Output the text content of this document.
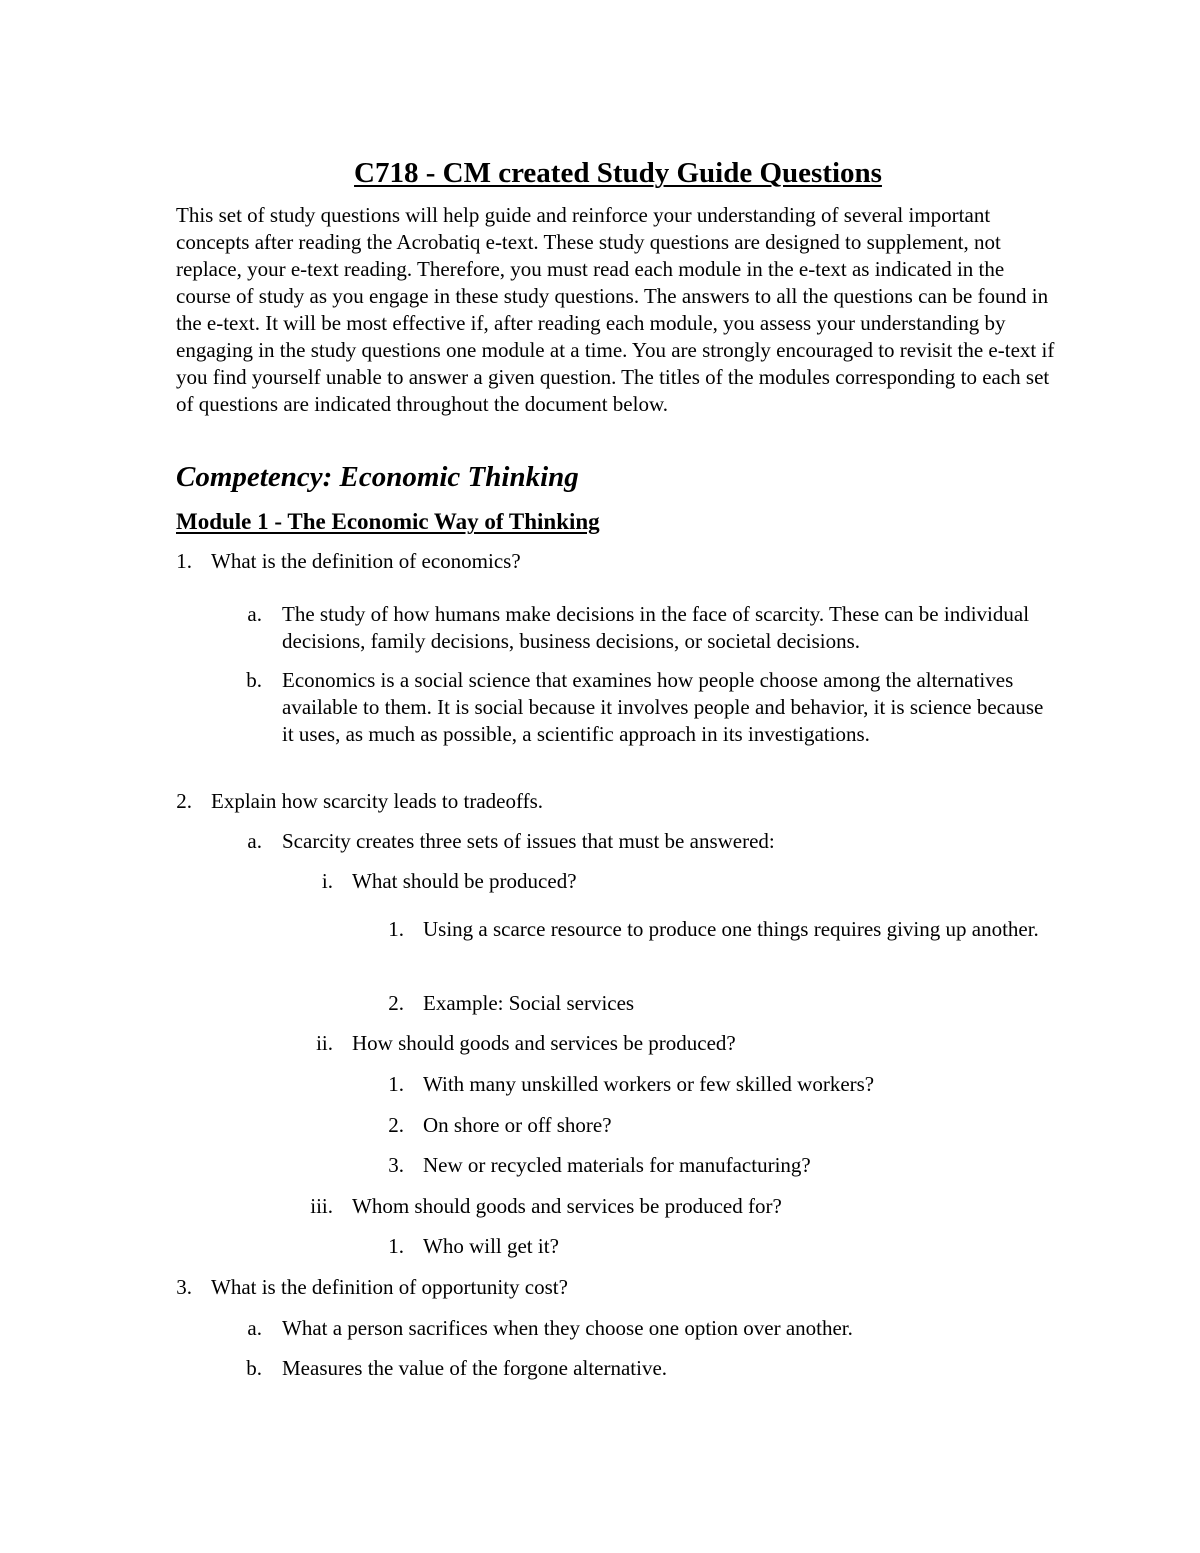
C718 - CM created Study Guide Questions

This set of study questions will help guide and reinforce your understanding of several important concepts after reading the Acrobatiq e-text. These study questions are designed to supplement, not replace, your e-text reading. Therefore, you must read each module in the e-text as indicated in the course of study as you engage in these study questions. The answers to all the questions can be found in the e-text. It will be most effective if, after reading each module, you assess your understanding by engaging in the study questions one module at a time. You are strongly encouraged to revisit the e-text if you find yourself unable to answer a given question. The titles of the modules corresponding to each set of questions are indicated throughout the document below.

Competency: Economic Thinking
Module 1 - The Economic Way of Thinking
1. What is the definition of economics?
a. The study of how humans make decisions in the face of scarcity. These can be individual decisions, family decisions, business decisions, or societal decisions.
b. Economics is a social science that examines how people choose among the alternatives available to them. It is social because it involves people and behavior, it is science because it uses, as much as possible, a scientific approach in its investigations.
2. Explain how scarcity leads to tradeoffs.
a. Scarcity creates three sets of issues that must be answered:
i. What should be produced?
1. Using a scarce resource to produce one things requires giving up another.
2. Example: Social services
ii. How should goods and services be produced?
1. With many unskilled workers or few skilled workers?
2. On shore or off shore?
3. New or recycled materials for manufacturing?
iii. Whom should goods and services be produced for?
1. Who will get it?
3. What is the definition of opportunity cost?
a. What a person sacrifices when they choose one option over another.
b. Measures the value of the forgone alternative.
